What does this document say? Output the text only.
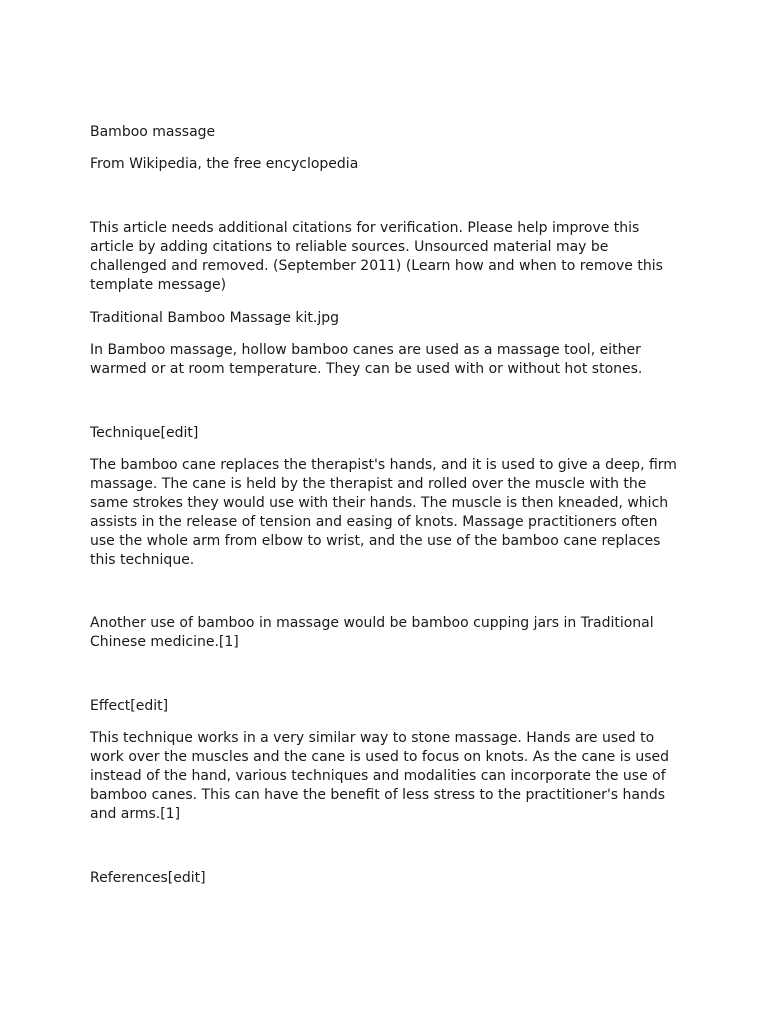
Bamboo massage

From Wikipedia, the free encyclopedia

This article needs additional citations for verification. Please help improve this article by adding citations to reliable sources. Unsourced material may be challenged and removed. (September 2011) (Learn how and when to remove this template message)

Traditional Bamboo Massage kit.jpg

In Bamboo massage, hollow bamboo canes are used as a massage tool, either warmed or at room temperature. They can be used with or without hot stones.

Technique[edit]

The bamboo cane replaces the therapist's hands, and it is used to give a deep, firm massage. The cane is held by the therapist and rolled over the muscle with the same strokes they would use with their hands. The muscle is then kneaded, which assists in the release of tension and easing of knots. Massage practitioners often use the whole arm from elbow to wrist, and the use of the bamboo cane replaces this technique.

Another use of bamboo in massage would be bamboo cupping jars in Traditional Chinese medicine.[1]

Effect[edit]

This technique works in a very similar way to stone massage. Hands are used to work over the muscles and the cane is used to focus on knots. As the cane is used instead of the hand, various techniques and modalities can incorporate the use of bamboo canes. This can have the benefit of less stress to the practitioner's hands and arms.[1]

References[edit]
